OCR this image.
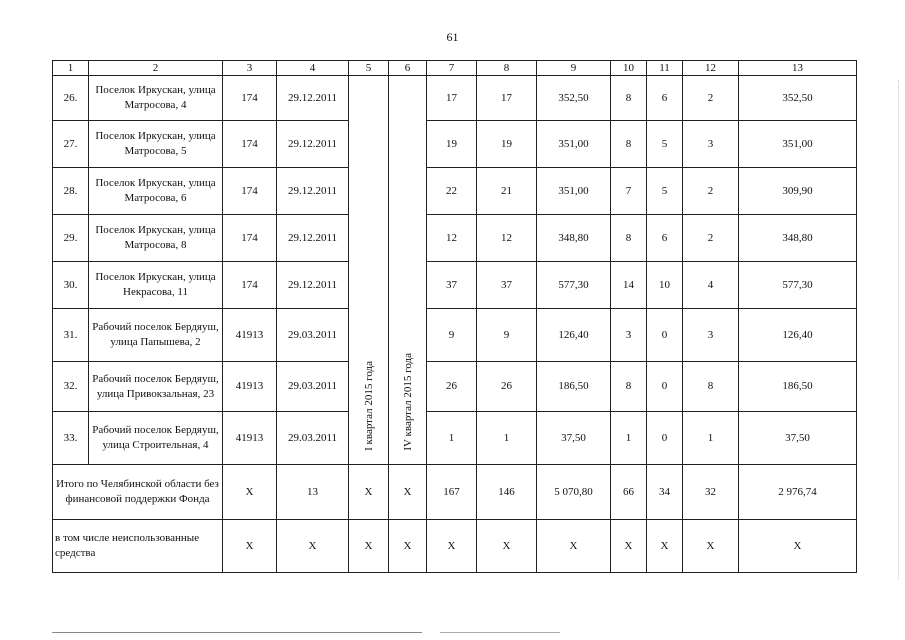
61
1	2	3	4	5	6	7	8	9	10	11	12	13
26.	Поселок Иркускан, улица Матросова, 4	174	29.12.2011	I квартал 2015 года	IV квартал 2015 года	17	17	352,50	8	6	2	352,50
27.	Поселок Иркускан, улица Матросова, 5	174	29.12.2011			19	19	351,00	8	5	3	351,00
28.	Поселок Иркускан, улица Матросова, 6	174	29.12.2011			22	21	351,00	7	5	2	309,90
29.	Поселок Иркускан, улица Матросова, 8	174	29.12.2011			12	12	348,80	8	6	2	348,80
30.	Поселок Иркускан, улица Некрасова, 11	174	29.12.2011			37	37	577,30	14	10	4	577,30
31.	Рабочий поселок Бердяуш, улица Папышева, 2	41913	29.03.2011			9	9	126,40	3	0	3	126,40
32.	Рабочий поселок Бердяуш, улица Привокзальная, 23	41913	29.03.2011			26	26	186,50	8	0	8	186,50
33.	Рабочий поселок Бердяуш, улица Строительная, 4	41913	29.03.2011			1	1	37,50	1	0	1	37,50
Итого по Челябинской области без финансовой поддержки Фонда		X	13	X	X	167	146	5 070,80	66	34	32	2 976,74
в том числе неиспользованные средства		X	X	X	X	X	X	X	X	X	X	X
